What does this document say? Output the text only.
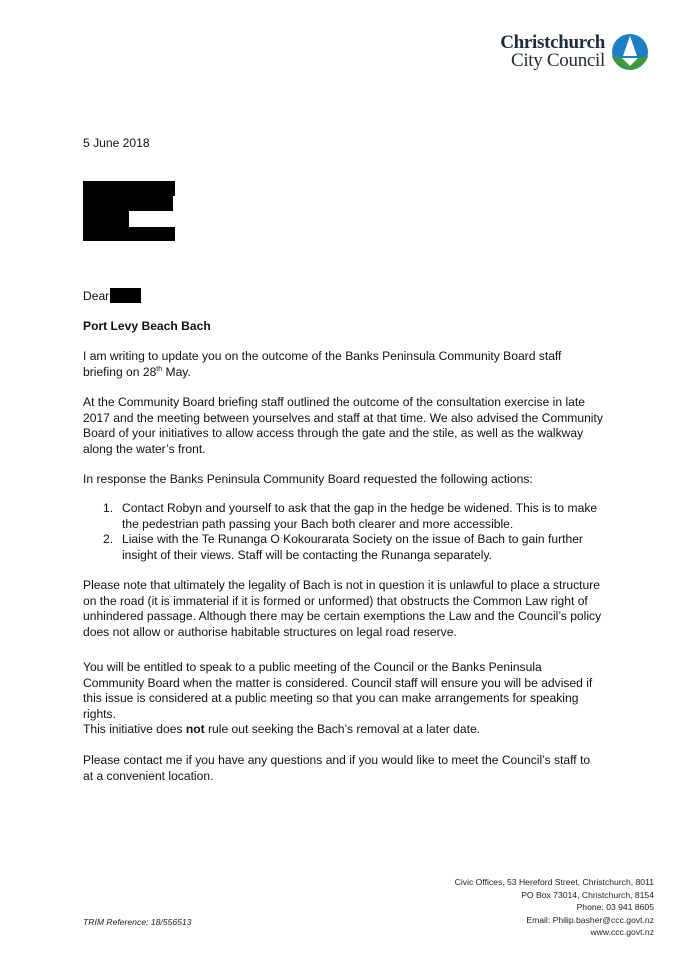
Christchurch
City Council
5 June 2018
Dear
Port Levy Beach Bach
I am writing to update you on the outcome of the Banks Peninsula Community Board staff briefing on 28th May.
At the Community Board briefing staff outlined the outcome of the consultation exercise in late 2017 and the meeting between yourselves and staff at that time. We also advised the Community Board of your initiatives to allow access through the gate and the stile, as well as the walkway along the water’s front.
In response the Banks Peninsula Community Board requested the following actions:
1. Contact Robyn and yourself to ask that the gap in the hedge be widened. This is to make the pedestrian path passing your Bach both clearer and more accessible.
2. Liaise with the Te Runanga O Kokourarata Society on the issue of Bach to gain further insight of their views. Staff will be contacting the Runanga separately.
Please note that ultimately the legality of Bach is not in question it is unlawful to place a structure on the road (it is immaterial if it is formed or unformed) that obstructs the Common Law right of unhindered passage. Although there may be certain exemptions the Law and the Council’s policy does not allow or authorise habitable structures on legal road reserve.
You will be entitled to speak to a public meeting of the Council or the Banks Peninsula Community Board when the matter is considered. Council staff will ensure you will be advised if this issue is considered at a public meeting so that you can make arrangements for speaking rights.
This initiative does not rule out seeking the Bach’s removal at a later date.
Please contact me if you have any questions and if you would like to meet the Council’s staff to at a convenient location.
TRIM Reference: 18/556513
Civic Offices, 53 Hereford Street, Christchurch, 8011
PO Box 73014, Christchurch, 8154
Phone: 03 941 8605
Email: Philip.basher@ccc.govt.nz
www.ccc.govt.nz
